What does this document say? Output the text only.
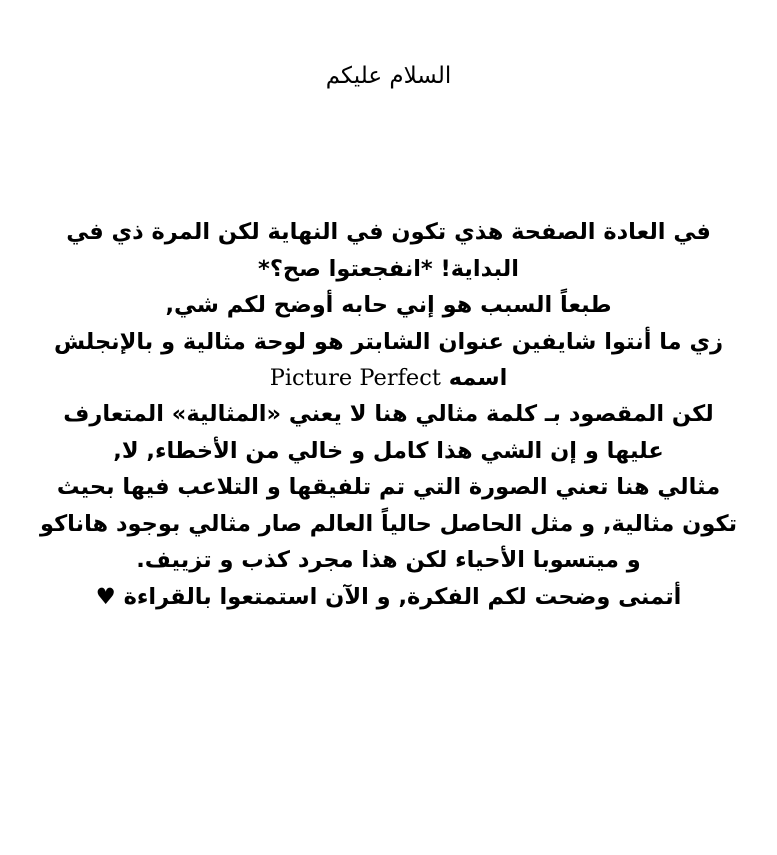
السلام عليكم
في العادة الصفحة هذي تكون في النهاية لكن المرة ذي في البداية! *انفجعتوا صح؟*
طبعاً السبب هو إني حابه أوضح لكم شي,
زي ما أنتوا شايفين عنوان الشابتر هو لوحة مثالية و بالإنجلش اسمه Picture Perfect
لكن المقصود بـ كلمة مثالي هنا لا يعني «المثالية» المتعارف عليها و إن الشي هذا كامل و خالي من الأخطاء, لا,
مثالي هنا تعني الصورة التي تم تلفيقها و التلاعب فيها بحيث تكون مثالية, و مثل الحاصل حالياً العالم صار مثالي بوجود هاناكو و ميتسوبا الأحياء لكن هذا مجرد كذب و تزييف.
أتمنى وضحت لكم الفكرة, و الآن استمتعوا بالقراءة ♥
